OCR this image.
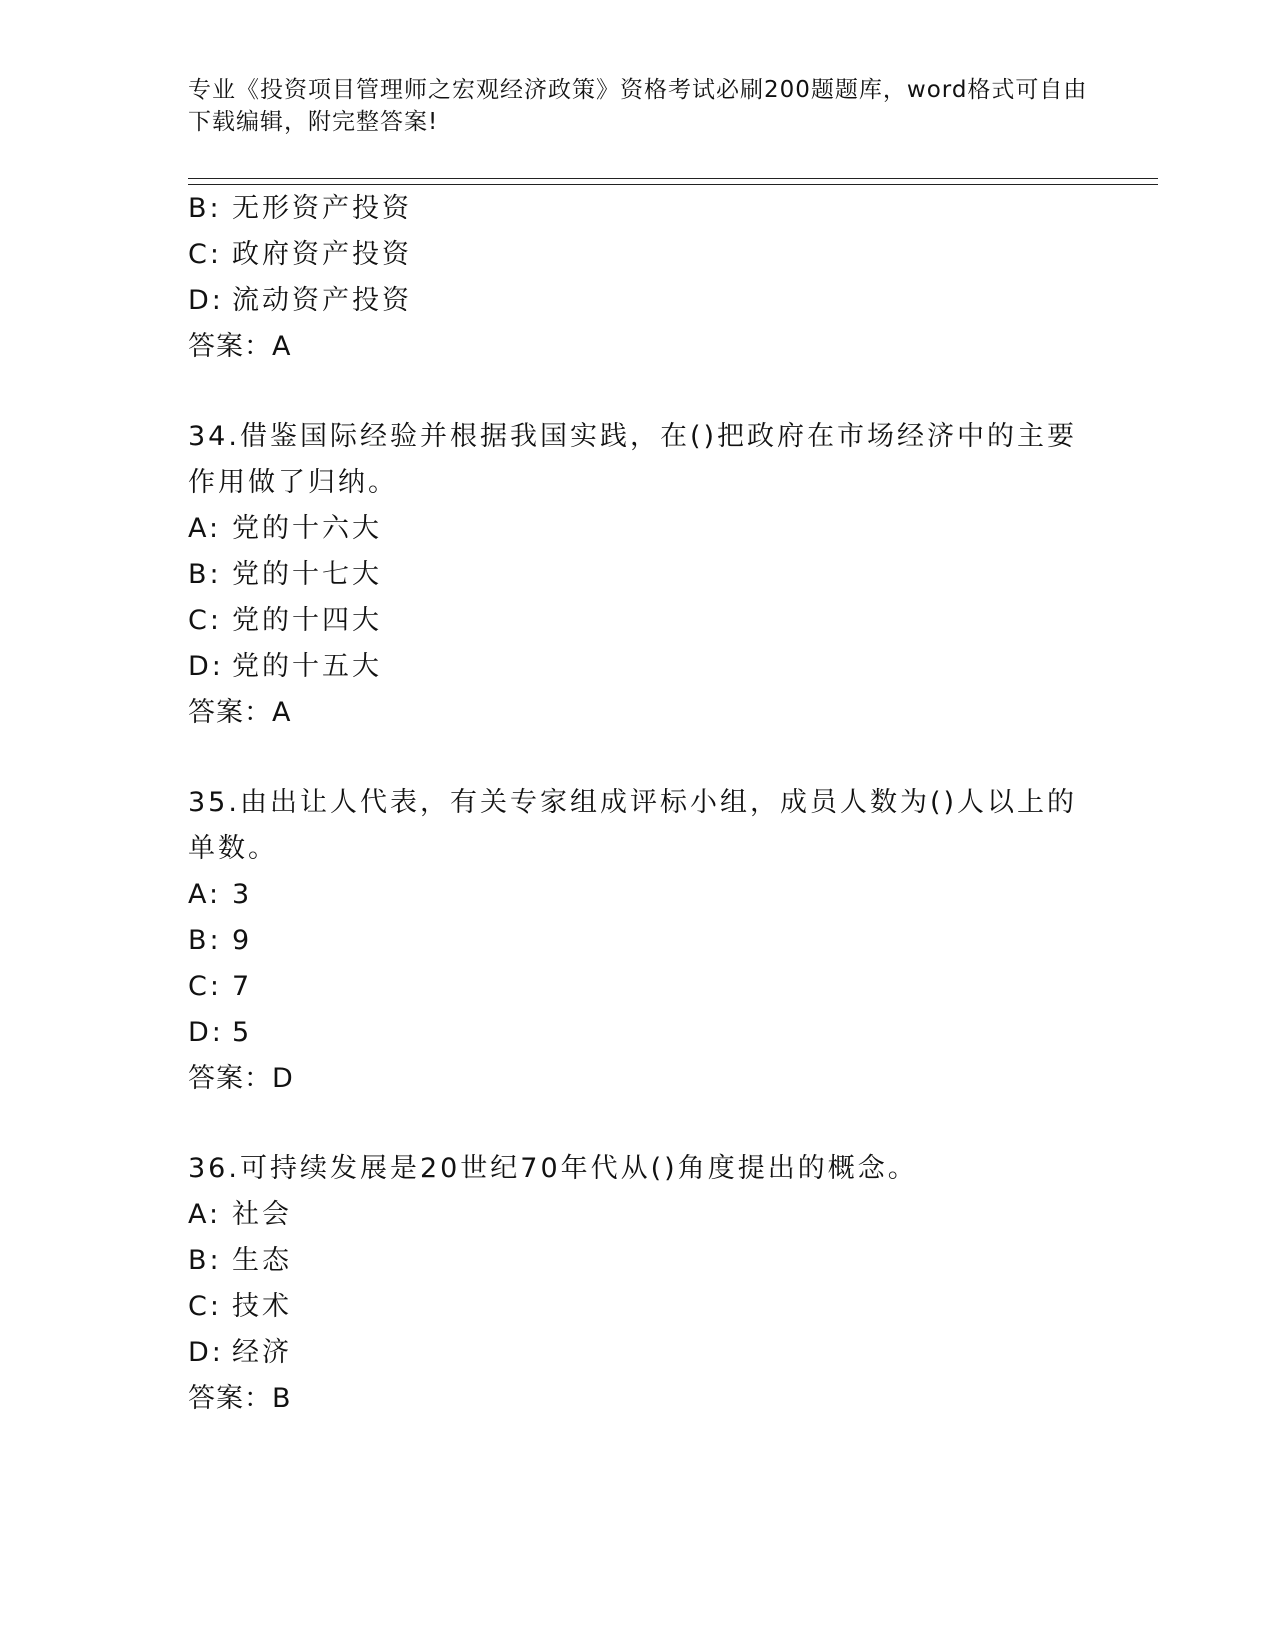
专业《投资项目管理师之宏观经济政策》资格考试必刷200题题库，word格式可自由下载编辑，附完整答案!
B: 无形资产投资
C: 政府资产投资
D: 流动资产投资
答案：A
34.借鉴国际经验并根据我国实践，在()把政府在市场经济中的主要作用做了归纳。
A: 党的十六大
B: 党的十七大
C: 党的十四大
D: 党的十五大
答案：A
35.由出让人代表，有关专家组成评标小组，成员人数为()人以上的单数。
A: 3
B: 9
C: 7
D: 5
答案：D
36.可持续发展是20世纪70年代从()角度提出的概念。
A: 社会
B: 生态
C: 技术
D: 经济
答案：B
